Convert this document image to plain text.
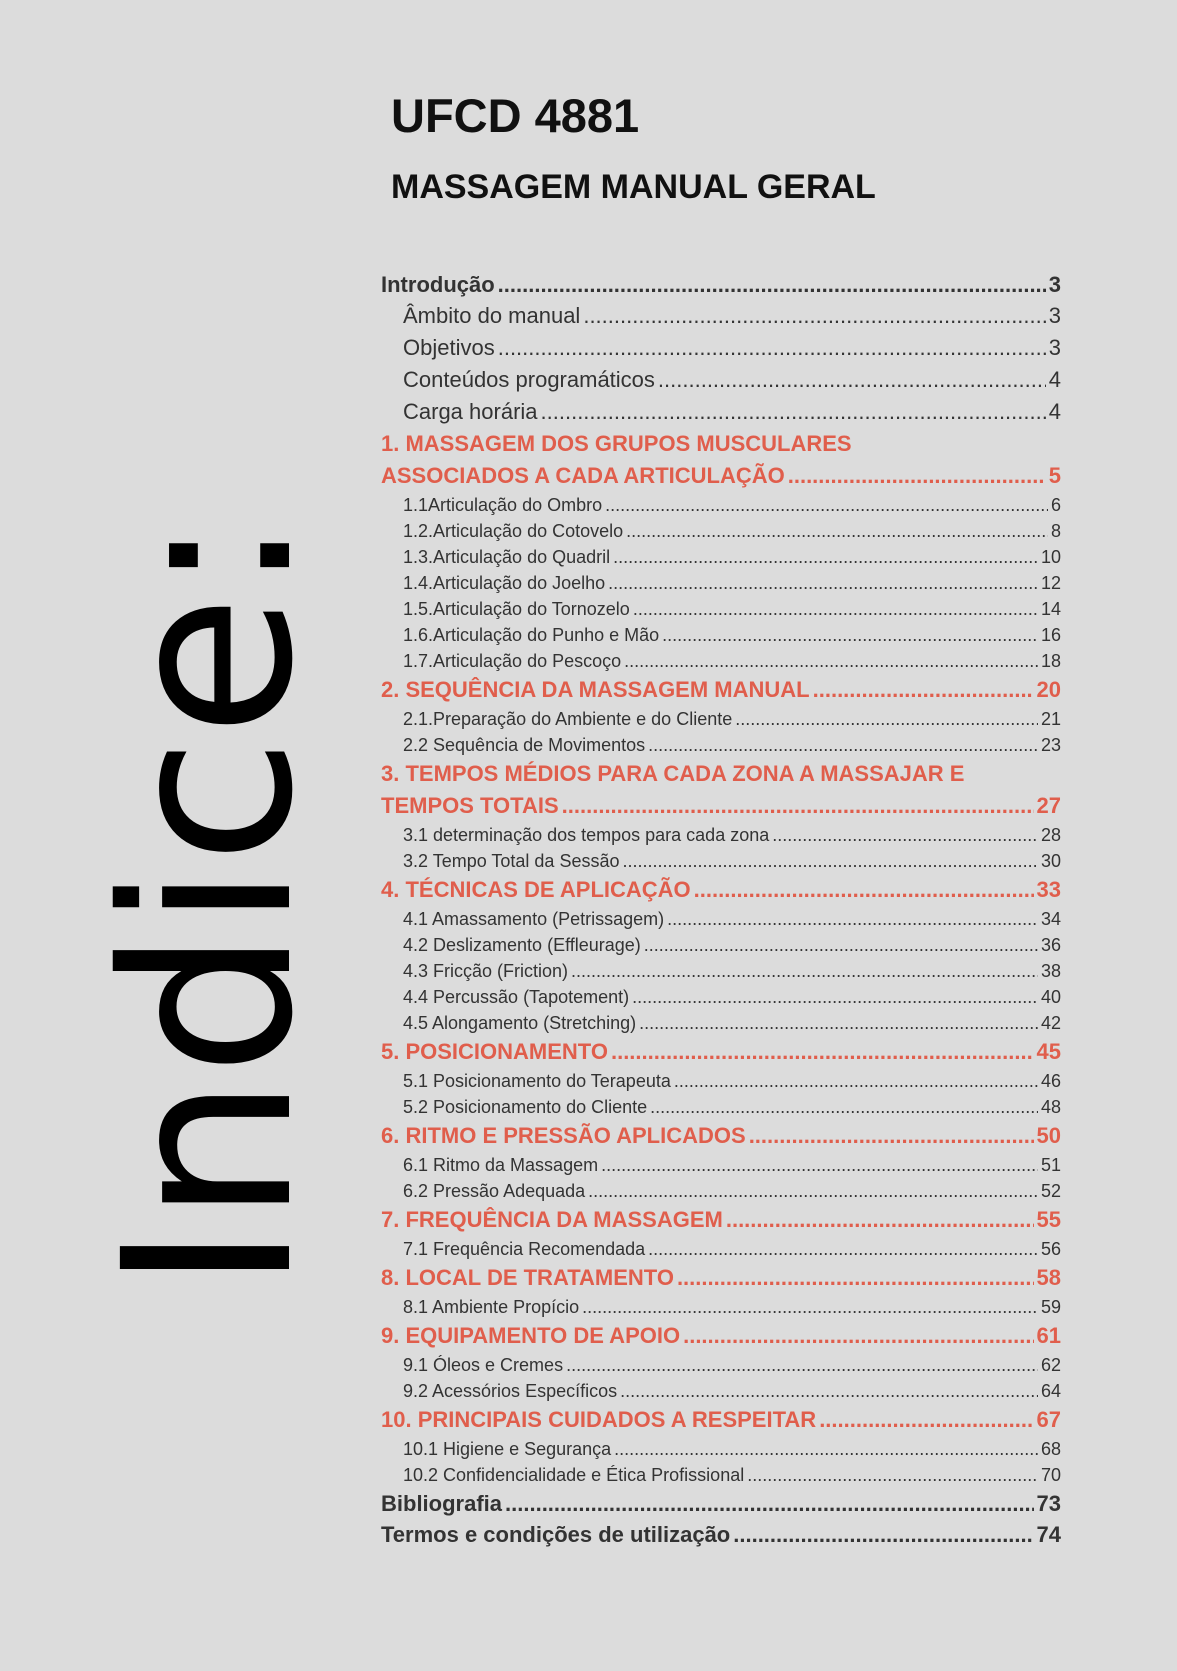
Indice:
UFCD 4881
MASSAGEM MANUAL GERAL
Introdução .....	3
Âmbito do manual .....	3
Objetivos .....	3
Conteúdos programáticos .....	4
Carga horária .....	4
1. MASSAGEM DOS GRUPOS MUSCULARES
ASSOCIADOS A CADA ARTICULAÇÃO .....	5
1.1Articulação do Ombro .....	6
1.2.Articulação do Cotovelo .....	8
1.3.Articulação do Quadril .....	10
1.4.Articulação do Joelho .....	12
1.5.Articulação do Tornozelo .....	14
1.6.Articulação do Punho e Mão .....	16
1.7.Articulação do Pescoço .....	18
2. SEQUÊNCIA DA MASSAGEM MANUAL .....	20
2.1.Preparação do Ambiente e do Cliente .....	21
2.2 Sequência de Movimentos .....	23
3. TEMPOS MÉDIOS PARA CADA ZONA A MASSAJAR E
TEMPOS TOTAIS .....	27
3.1 determinação dos tempos para cada zona .....	28
3.2 Tempo Total da Sessão .....	30
4. TÉCNICAS DE APLICAÇÃO .....	33
4.1 Amassamento (Petrissagem) .....	34
4.2 Deslizamento (Effleurage) .....	36
4.3 Fricção (Friction) .....	38
4.4 Percussão (Tapotement) .....	40
4.5 Alongamento (Stretching) .....	42
5. POSICIONAMENTO .....	45
5.1 Posicionamento do Terapeuta .....	46
5.2 Posicionamento do Cliente .....	48
6. RITMO E PRESSÃO APLICADOS .....	50
6.1 Ritmo da Massagem .....	51
6.2 Pressão Adequada .....	52
7. FREQUÊNCIA DA MASSAGEM .....	55
7.1 Frequência Recomendada .....	56
8. LOCAL DE TRATAMENTO .....	58
8.1 Ambiente Propício .....	59
9. EQUIPAMENTO DE APOIO .....	61
9.1 Óleos e Cremes .....	62
9.2 Acessórios Específicos .....	64
10. PRINCIPAIS CUIDADOS A RESPEITAR .....	67
10.1 Higiene e Segurança .....	68
10.2 Confidencialidade e Ética Profissional .....	70
Bibliografia .....	73
Termos e condições de utilização .....	74
